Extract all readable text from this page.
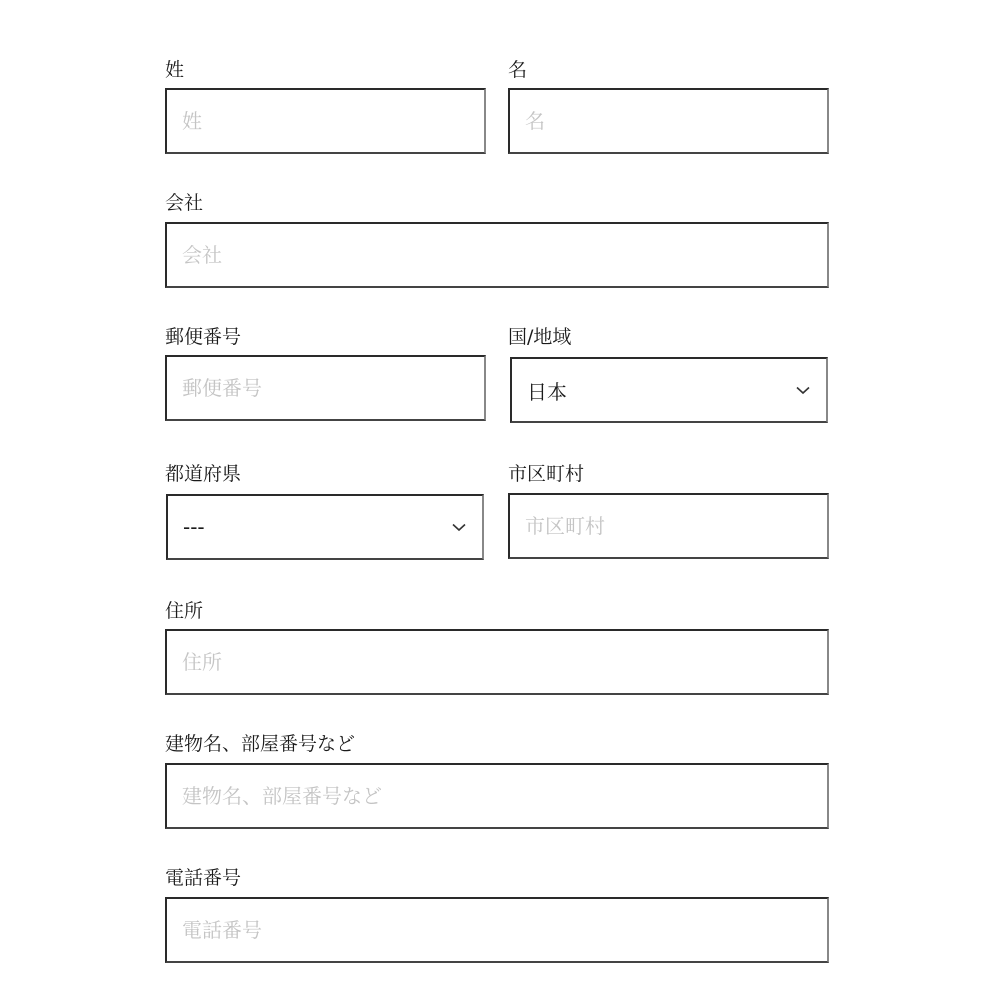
姓
姓	名
名
会社
会社
郵便番号
郵便番号	国/地域
日本
都道府県
---
市区町村
市区町村
住所
住所
建物名、部屋番号など
建物名、部屋番号など
電話番号
電話番号
